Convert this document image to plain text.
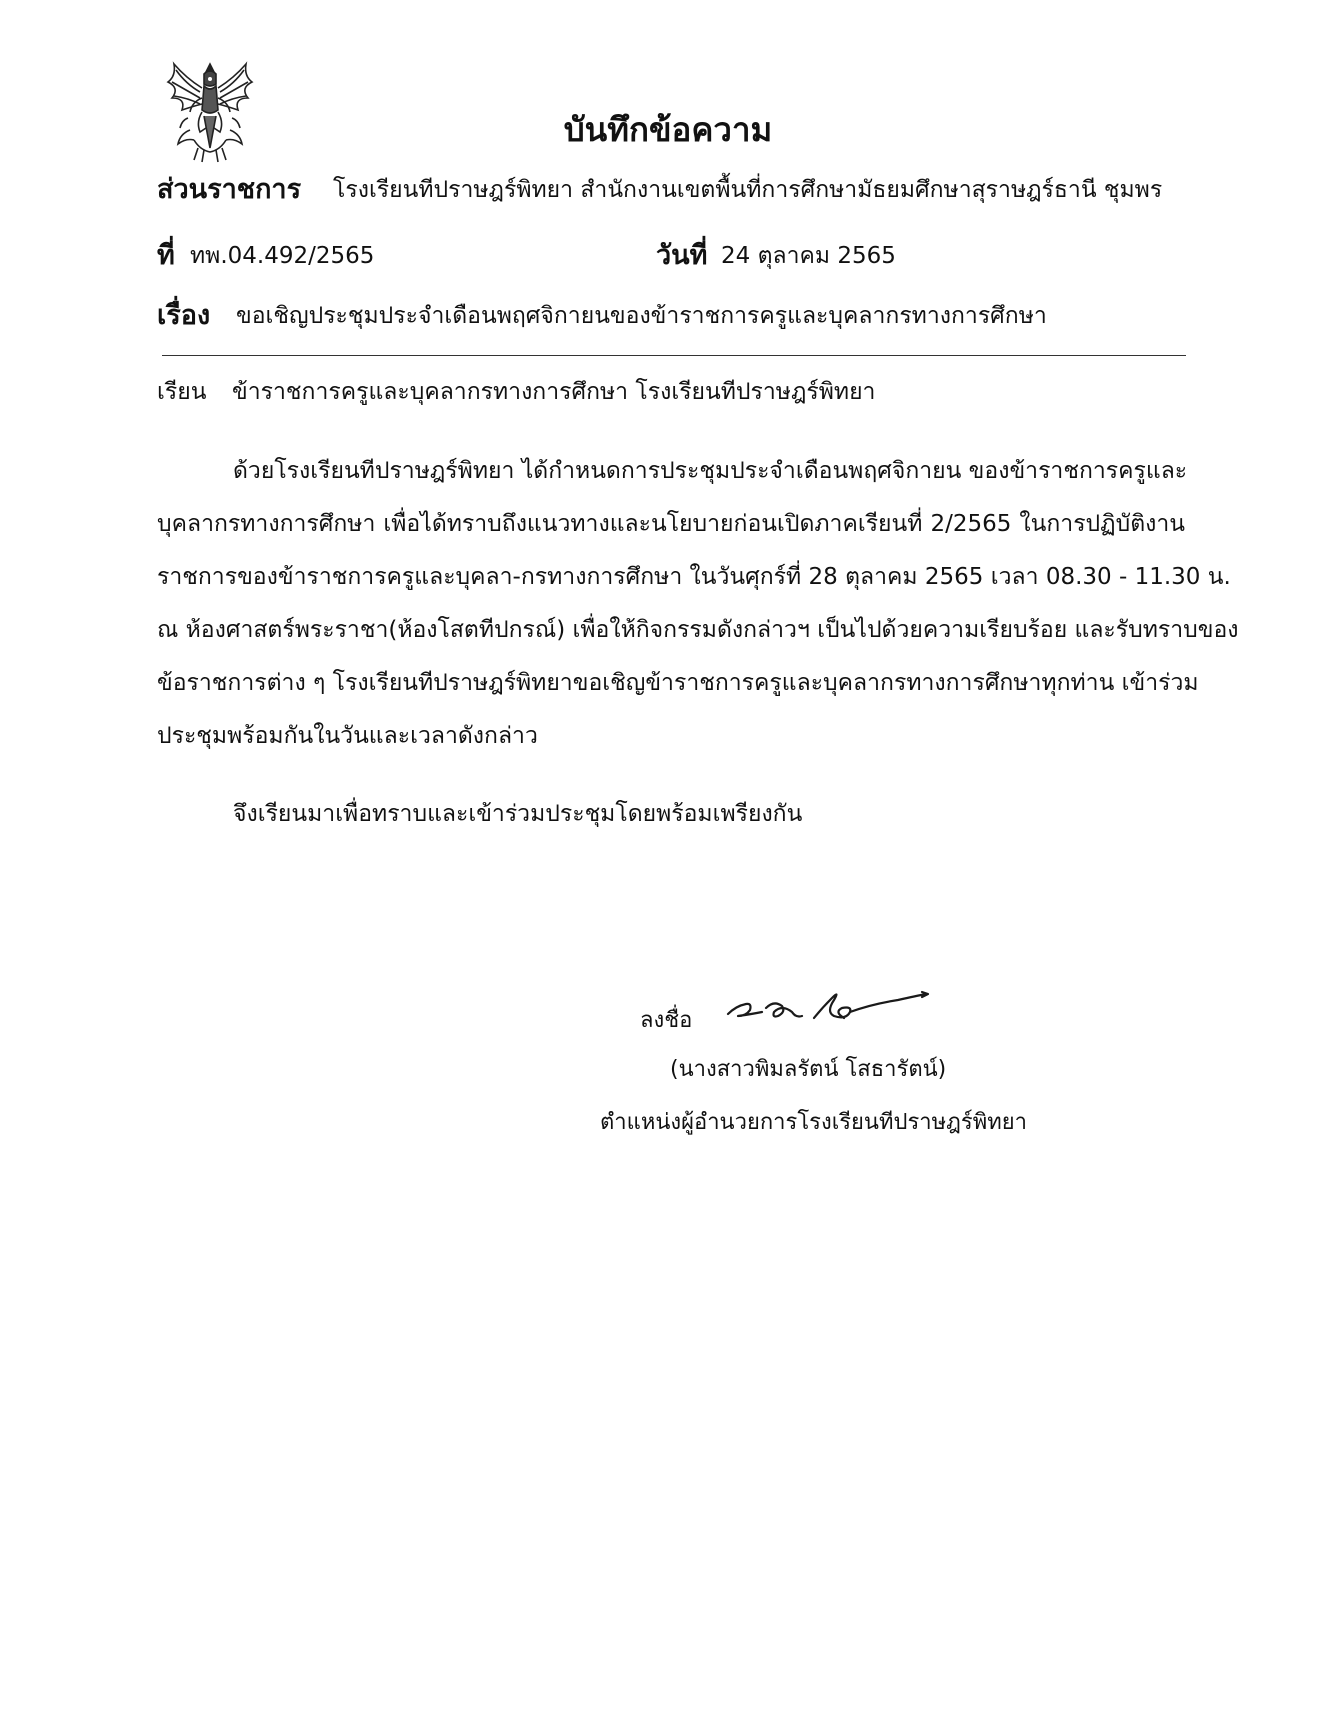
บันทึกข้อความ
ส่วนราชการ โรงเรียนทีปราษฎร์พิทยา สำนักงานเขตพื้นที่การศึกษามัธยมศึกษาสุราษฎร์ธานี ชุมพร
ที่ ทพ.04.492/2565	วันที่ 24 ตุลาคม 2565
เรื่อง ขอเชิญประชุมประจำเดือนพฤศจิกายนของข้าราชการครูและบุคลากรทางการศึกษา
เรียน ข้าราชการครูและบุคลากรทางการศึกษา โรงเรียนทีปราษฎร์พิทยา
ด้วยโรงเรียนทีปราษฎร์พิทยา ได้กำหนดการประชุมประจำเดือนพฤศจิกายน ของข้าราชการครูและ
บุคลากรทางการศึกษา เพื่อได้ทราบถึงแนวทางและนโยบายก่อนเปิดภาคเรียนที่ 2/2565 ในการปฏิบัติงาน
ราชการของข้าราชการครูและบุคลา-กรทางการศึกษา ในวันศุกร์ที่ 28 ตุลาคม 2565 เวลา 08.30 - 11.30 น.
ณ ห้องศาสตร์พระราชา(ห้องโสตทีปกรณ์) เพื่อให้กิจกรรมดังกล่าวฯ เป็นไปด้วยความเรียบร้อย และรับทราบของ
ข้อราชการต่าง ๆ โรงเรียนทีปราษฎร์พิทยาขอเชิญข้าราชการครูและบุคลากรทางการศึกษาทุกท่าน เข้าร่วม
ประชุมพร้อมกันในวันและเวลาดังกล่าว
จึงเรียนมาเพื่อทราบและเข้าร่วมประชุมโดยพร้อมเพรียงกัน
ลงชื่อ
(นางสาวพิมลรัตน์ โสธารัตน์)
ตำแหน่งผู้อำนวยการโรงเรียนทีปราษฎร์พิทยา
